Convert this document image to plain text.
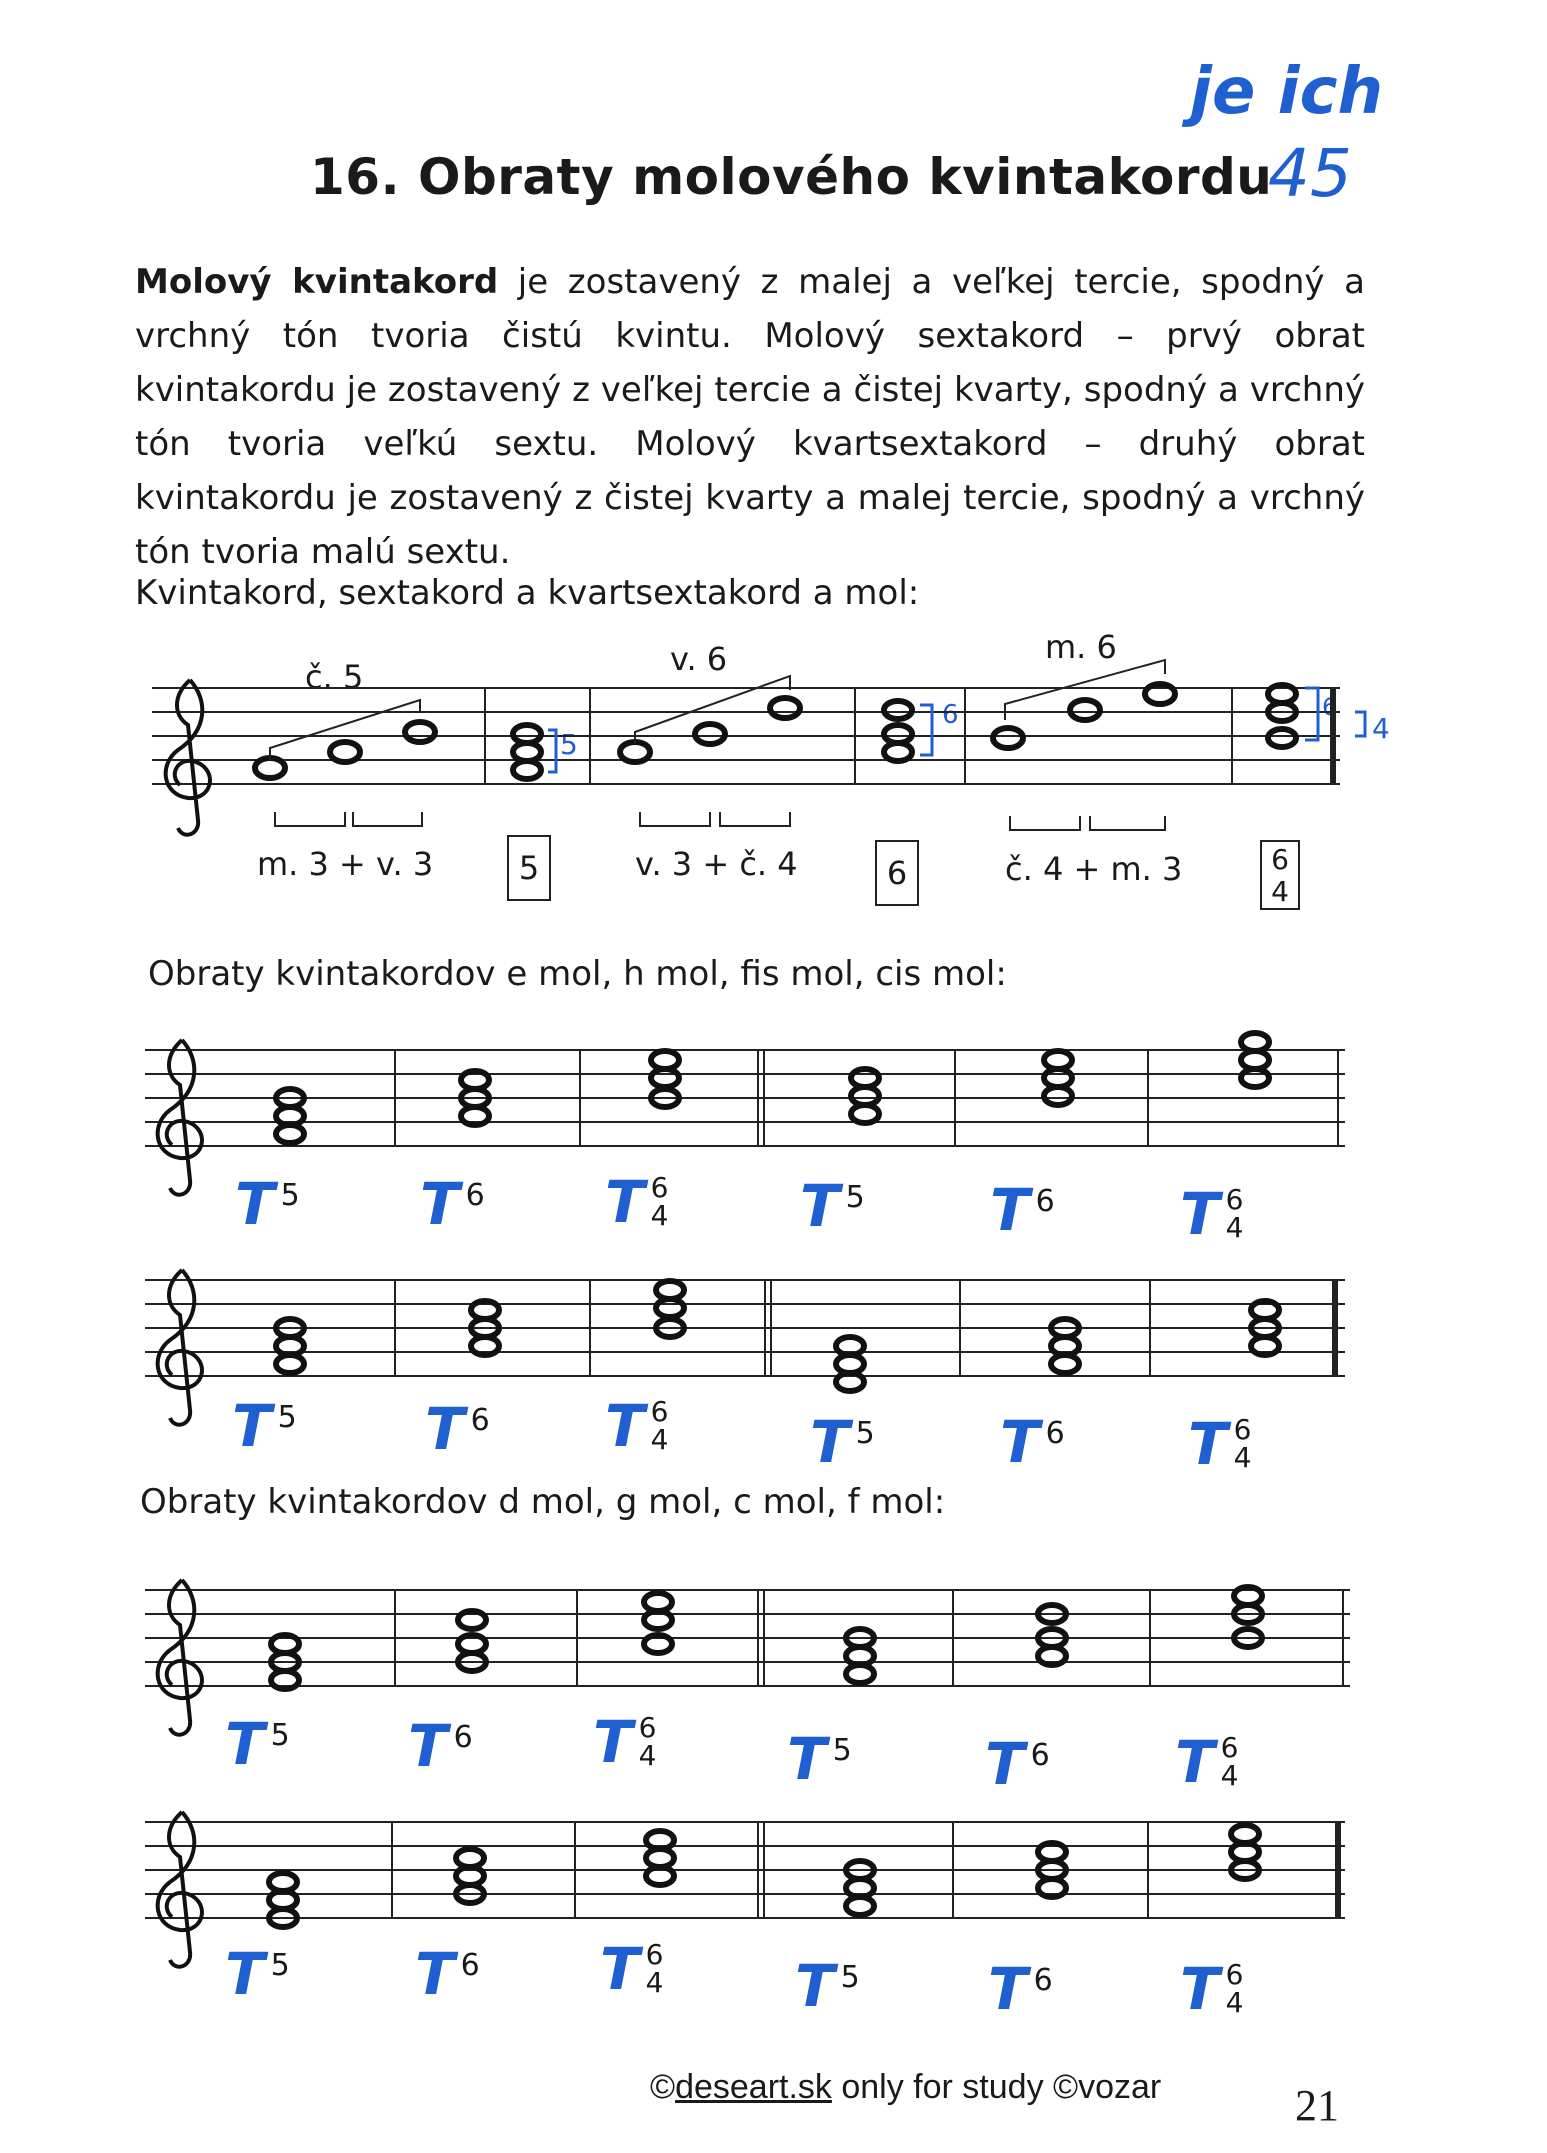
16. Obraty molového kvintakordu
je ich
45
Molový kvintakord je zostavený z malej a veľkej tercie, spodný a vrchný tón tvoria čistú kvintu. Molový sextakord – prvý obrat kvintakordu je zostavený z veľkej tercie a čistej kvarty, spodný a vrchný tón tvoria veľkú sextu. Molový kvartsextakord – druhý obrat kvintakordu je zostavený z čistej kvarty a malej tercie, spodný a vrchný tón tvoria malú sextu.
Kvintakord, sextakord a kvartsextakord a mol:
Obraty kvintakordov e mol, h mol, fis mol, cis mol:
Obraty kvintakordov d mol, g mol, c mol, f mol:
č. 5	v. 6	m. 6
m. 3 + v. 3	v. 3 + č. 4	č. 4 + m. 3
5	6	6
4
5
6	6
4
T 5 T 6 T 6
4 T 5 T 6 T 6
4
T 5 T 6 T 6
4 T 5 T 6 T 6
4
T 5 T 6 T 6
4 T 5 T 6 T 6
4
T 5 T 6 T 6
4 T 5 T 6 T 6
4
©deseart.sk only for study ©vozar	21
